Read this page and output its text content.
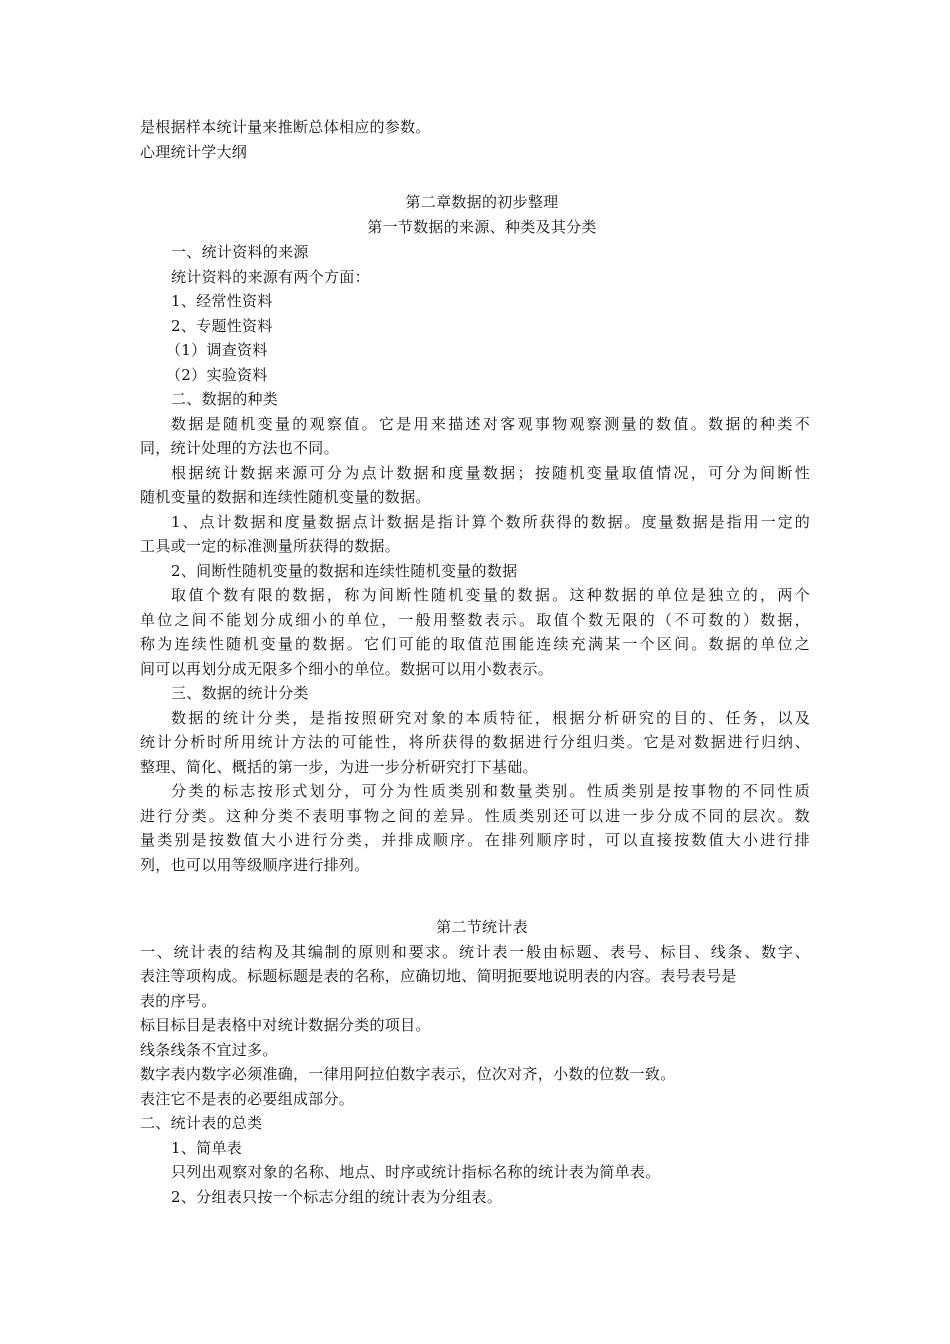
是根据样本统计量来推断总体相应的参数。
心理统计学大纲
第二章数据的初步整理
第一节数据的来源、种类及其分类
一、统计资料的来源
统计资料的来源有两个方面：
1、经常性资料
2、专题性资料
（1）调查资料
（2）实验资料
二、数据的种类
数据是随机变量的观察值。它是用来描述对客观事物观察测量的数值。数据的种类不
同，统计处理的方法也不同。
根据统计数据来源可分为点计数据和度量数据；按随机变量取值情况，可分为间断性
随机变量的数据和连续性随机变量的数据。
1、点计数据和度量数据点计数据是指计算个数所获得的数据。度量数据是指用一定的
工具或一定的标准测量所获得的数据。
2、间断性随机变量的数据和连续性随机变量的数据
取值个数有限的数据，称为间断性随机变量的数据。这种数据的单位是独立的，两个
单位之间不能划分成细小的单位，一般用整数表示。取值个数无限的（不可数的）数据，
称为连续性随机变量的数据。它们可能的取值范围能连续充满某一个区间。数据的单位之
间可以再划分成无限多个细小的单位。数据可以用小数表示。
三、数据的统计分类
数据的统计分类，是指按照研究对象的本质特征，根据分析研究的目的、任务，以及
统计分析时所用统计方法的可能性，将所获得的数据进行分组归类。它是对数据进行归纳、
整理、简化、概括的第一步，为进一步分析研究打下基础。
分类的标志按形式划分，可分为性质类别和数量类别。性质类别是按事物的不同性质
进行分类。这种分类不表明事物之间的差异。性质类别还可以进一步分成不同的层次。数
量类别是按数值大小进行分类，并排成顺序。在排列顺序时，可以直接按数值大小进行排
列，也可以用等级顺序进行排列。
第二节统计表
一、统计表的结构及其编制的原则和要求。统计表一般由标题、表号、标目、线条、数字、
表注等项构成。标题标题是表的名称，应确切地、简明扼要地说明表的内容。表号表号是
表的序号。
标目标目是表格中对统计数据分类的项目。
线条线条不宜过多。
数字表内数字必须准确，一律用阿拉伯数字表示，位次对齐，小数的位数一致。
表注它不是表的必要组成部分。
二、统计表的总类
1、简单表
只列出观察对象的名称、地点、时序或统计指标名称的统计表为简单表。
2、分组表只按一个标志分组的统计表为分组表。
